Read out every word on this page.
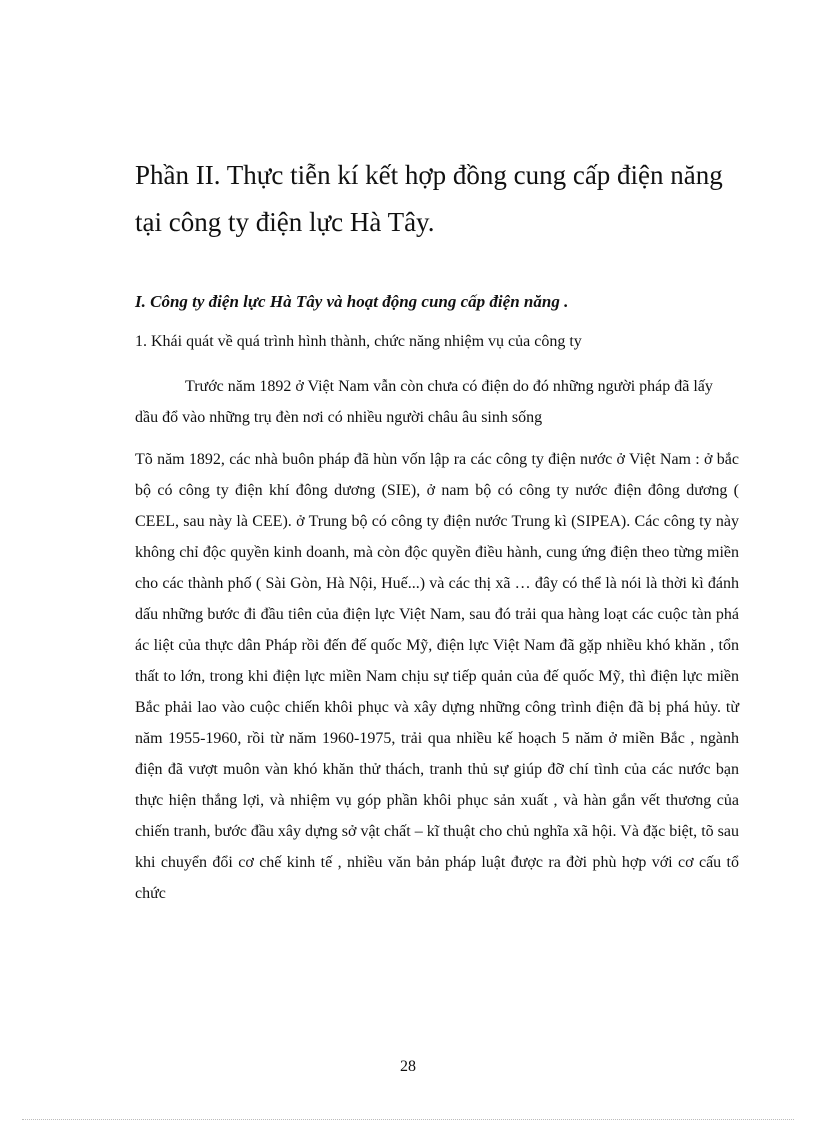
Phần II. Thực tiễn kí kết hợp đồng cung cấp điện năng tại công ty điện lực Hà Tây.
I. Công ty điện lực Hà Tây và hoạt động cung cấp điện năng .

1. Khái quát về quá trình hình thành, chức năng nhiệm vụ của công ty

Trước năm 1892 ở Việt Nam vẫn còn chưa có điện do đó những người pháp đã lấy dầu đổ vào những trụ đèn nơi có nhiều người châu âu sinh sống

Tõ năm 1892, các nhà buôn pháp đã hùn vốn lập ra các công ty điện nước ở Việt Nam : ở bắc bộ có công ty điện khí đông dương (SIE), ở nam bộ có công ty nước điện đông dương ( CEEL, sau này là CEE). ở Trung bộ có công ty điện nước Trung kì (SIPEA). Các công ty này không chỉ độc quyền kinh doanh, mà còn độc quyền điều hành, cung ứng điện theo từng miền cho các thành phố ( Sài Gòn, Hà Nội, Huế...) và các thị xã … đây có thể là nói là thời kì đánh dấu những bước đi đầu tiên của điện lực Việt Nam, sau đó trải qua hàng loạt các cuộc tàn phá ác liệt của thực dân Pháp rồi đến đế quốc Mỹ, điện lực Việt Nam đã gặp nhiều khó khăn , tổn thất to lớn, trong khi điện lực miền Nam chịu sự tiếp quản của đế quốc Mỹ, thì điện lực miền Bắc phải lao vào cuộc chiến khôi phục và xây dựng những công trình điện đã bị phá hủy. từ năm 1955-1960, rồi từ năm 1960-1975, trải qua nhiều kế hoạch 5 năm ở miền Bắc , ngành điện đã vượt muôn vàn khó khăn thử thách, tranh thủ sự giúp đỡ chí tình của các nước bạn thực hiện thắng lợi, và nhiệm vụ góp phần khôi phục sản xuất , và hàn gắn vết thương của chiến tranh, bước đầu xây dựng sở vật chất – kĩ thuật cho chủ nghĩa xã hội. Và đặc biệt, tõ sau khi chuyển đổi cơ chế kinh tế , nhiều văn bản pháp luật được ra đời phù hợp với cơ cấu tổ chức

28
